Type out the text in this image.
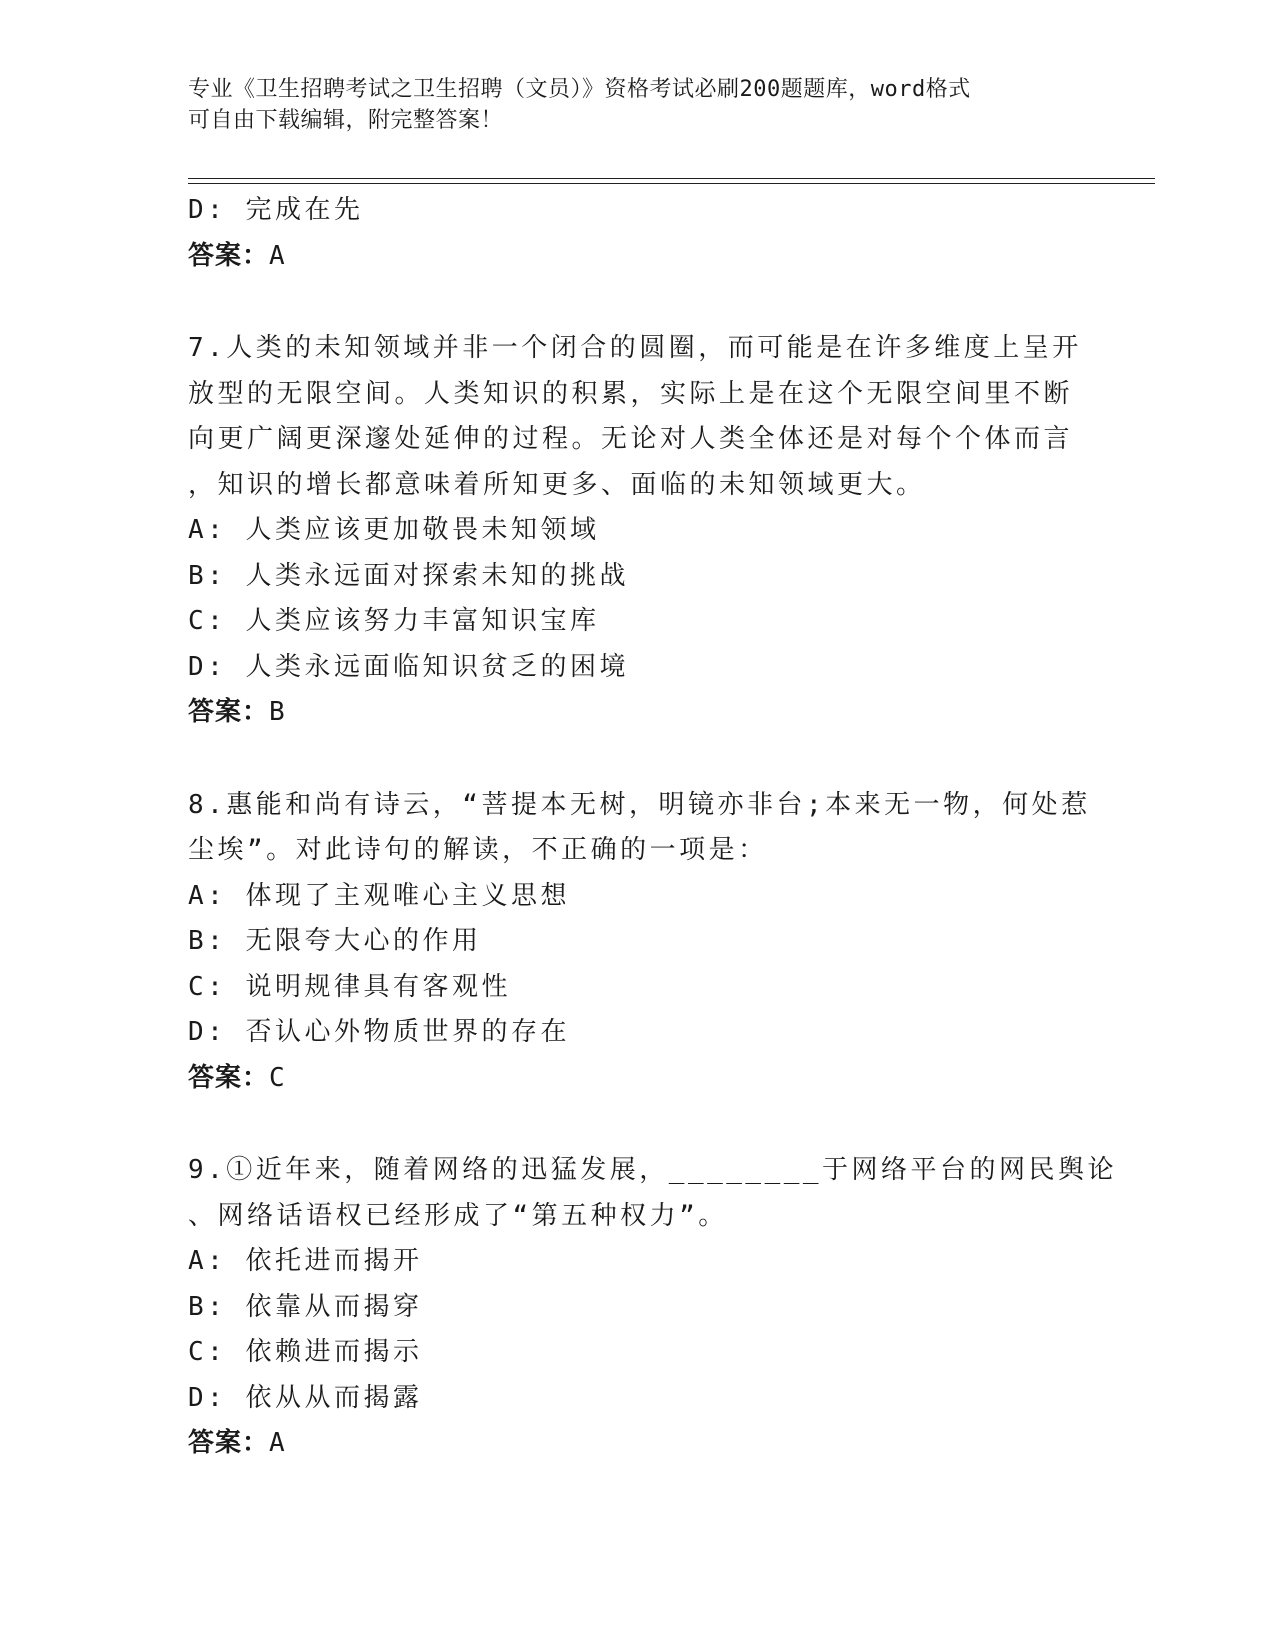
专业《卫生招聘考试之卫生招聘（文员）》资格考试必刷200题题库，word格式
可自由下载编辑，附完整答案！
D: 完成在先
答案：A
7.人类的未知领域并非一个闭合的圆圈，而可能是在许多维度上呈开
放型的无限空间。人类知识的积累，实际上是在这个无限空间里不断
向更广阔更深邃处延伸的过程。无论对人类全体还是对每个个体而言
，知识的增长都意味着所知更多、面临的未知领域更大。
A: 人类应该更加敬畏未知领域
B: 人类永远面对探索未知的挑战
C: 人类应该努力丰富知识宝库
D: 人类永远面临知识贫乏的困境
答案：B
8.惠能和尚有诗云，“菩提本无树，明镜亦非台;本来无一物，何处惹
尘埃”。对此诗句的解读，不正确的一项是：
A: 体现了主观唯心主义思想
B: 无限夸大心的作用
C: 说明规律具有客观性
D: 否认心外物质世界的存在
答案：C
9.①近年来，随着网络的迅猛发展，________于网络平台的网民舆论
、网络话语权已经形成了“第五种权力”。
A: 依托进而揭开
B: 依靠从而揭穿
C: 依赖进而揭示
D: 依从从而揭露
答案：A
